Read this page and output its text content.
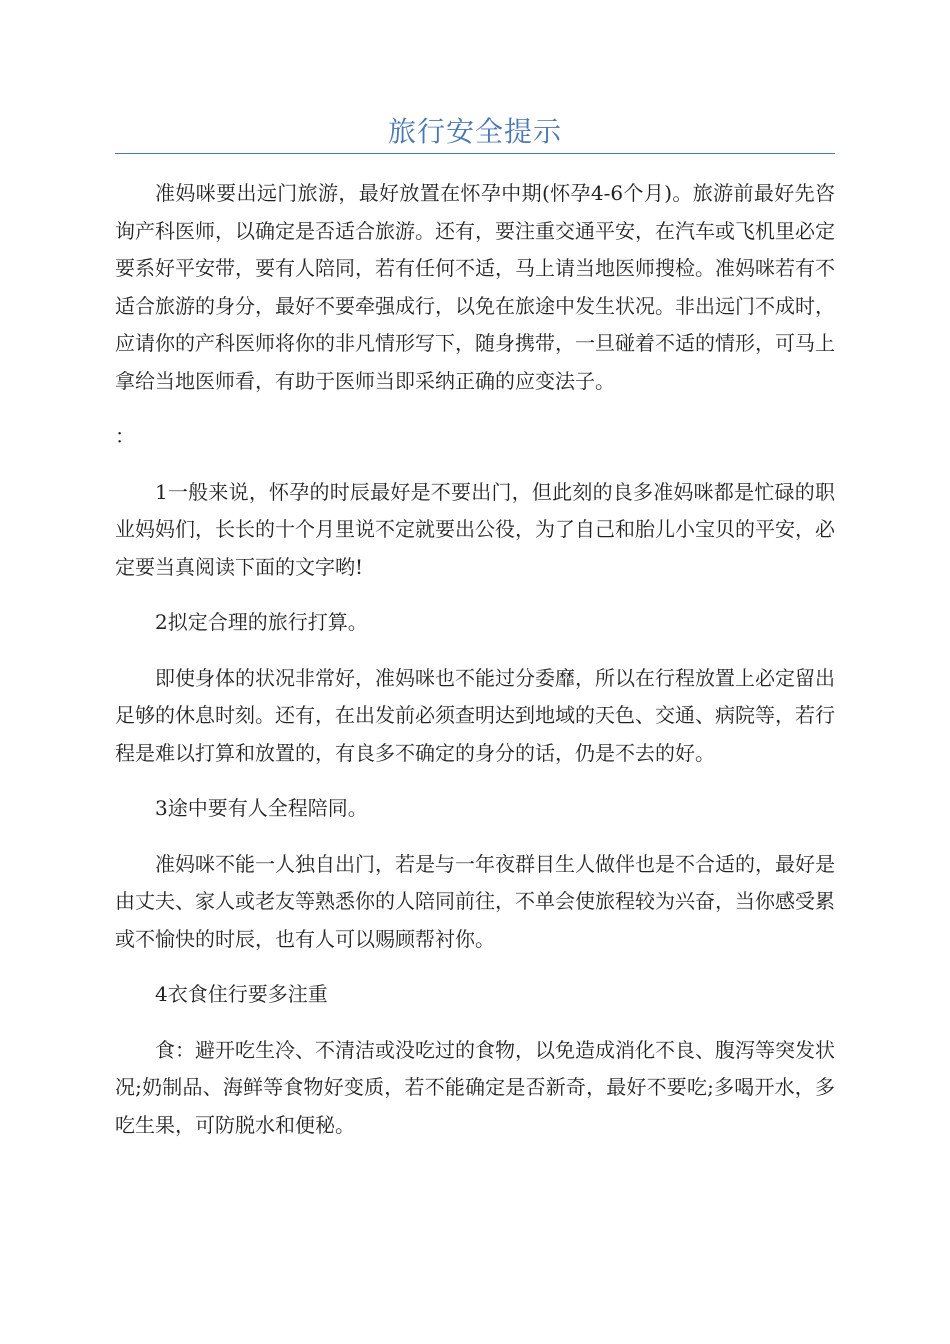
旅行安全提示

准妈咪要出远门旅游，最好放置在怀孕中期(怀孕4-6个月)。旅游前最好先咨询产科医师，以确定是否适合旅游。还有，要注重交通平安，在汽车或飞机里必定要系好平安带，要有人陪同，若有任何不适，马上请当地医师搜检。准妈咪若有不适合旅游的身分，最好不要牵强成行，以免在旅途中发生状况。非出远门不成时，应请你的产科医师将你的非凡情形写下，随身携带，一旦碰着不适的情形，可马上拿给当地医师看，有助于医师当即采纳正确的应变法子。

：

1一般来说，怀孕的时辰最好是不要出门，但此刻的良多准妈咪都是忙碌的职业妈妈们，长长的十个月里说不定就要出公役，为了自己和胎儿小宝贝的平安，必定要当真阅读下面的文字哟!

2拟定合理的旅行打算。

即使身体的状况非常好，准妈咪也不能过分委靡，所以在行程放置上必定留出足够的休息时刻。还有，在出发前必须查明达到地域的天色、交通、病院等，若行程是难以打算和放置的，有良多不确定的身分的话，仍是不去的好。

3途中要有人全程陪同。

准妈咪不能一人独自出门，若是与一年夜群目生人做伴也是不合适的，最好是由丈夫、家人或老友等熟悉你的人陪同前往，不单会使旅程较为兴奋，当你感受累或不愉快的时辰，也有人可以赐顾帮衬你。

4衣食住行要多注重

食：避开吃生冷、不清洁或没吃过的食物，以免造成消化不良、腹泻等突发状况;奶制品、海鲜等食物好变质，若不能确定是否新奇，最好不要吃;多喝开水，多吃生果，可防脱水和便秘。
